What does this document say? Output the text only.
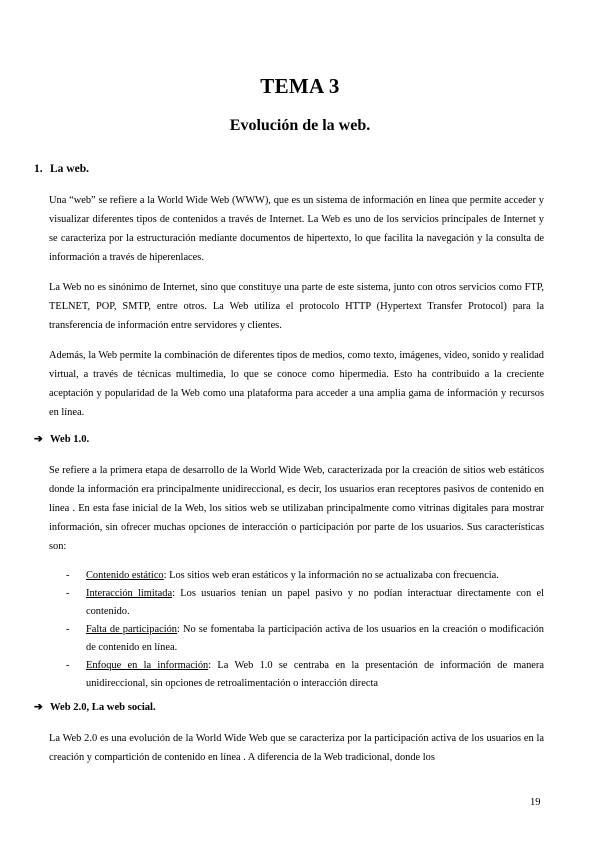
TEMA 3
Evolución de la web.
1. La web.

Una “web” se refiere a la World Wide Web (WWW), que es un sistema de información en línea que permite acceder y visualizar diferentes tipos de contenidos a través de Internet. La Web es uno de los servicios principales de Internet y se caracteriza por la estructuración mediante documentos de hipertexto, lo que facilita la navegación y la consulta de información a través de hiperenlaces.

La Web no es sinónimo de Internet, sino que constituye una parte de este sistema, junto con otros servicios como FTP, TELNET, POP, SMTP, entre otros. La Web utiliza el protocolo HTTP (Hypertext Transfer Protocol) para la transferencia de información entre servidores y clientes.

Además, la Web permite la combinación de diferentes tipos de medios, como texto, imágenes, video, sonido y realidad virtual, a través de técnicas multimedia, lo que se conoce como hipermedia. Esto ha contribuido a la creciente aceptación y popularidad de la Web como una plataforma para acceder a una amplia gama de información y recursos en línea.

➔ Web 1.0.

Se refiere a la primera etapa de desarrollo de la World Wide Web, caracterizada por la creación de sitios web estáticos donde la información era principalmente unidireccional, es decir, los usuarios eran receptores pasivos de contenido en línea . En esta fase inicial de la Web, los sitios web se utilizaban principalmente como vitrinas digitales para mostrar información, sin ofrecer muchas opciones de interacción o participación por parte de los usuarios. Sus características son:

- Contenido estático: Los sitios web eran estáticos y la información no se actualizaba con frecuencia.
- Interacción limitada: Los usuarios tenían un papel pasivo y no podían interactuar directamente con el contenido.
- Falta de participación: No se fomentaba la participación activa de los usuarios en la creación o modificación de contenido en línea.
- Enfoque en la información: La Web 1.0 se centraba en la presentación de información de manera unidireccional, sin opciones de retroalimentación o interacción directa
➔ Web 2.0, La web social.

La Web 2.0 es una evolución de la World Wide Web que se caracteriza por la participación activa de los usuarios en la creación y compartición de contenido en línea . A diferencia de la Web tradicional, donde los

19
